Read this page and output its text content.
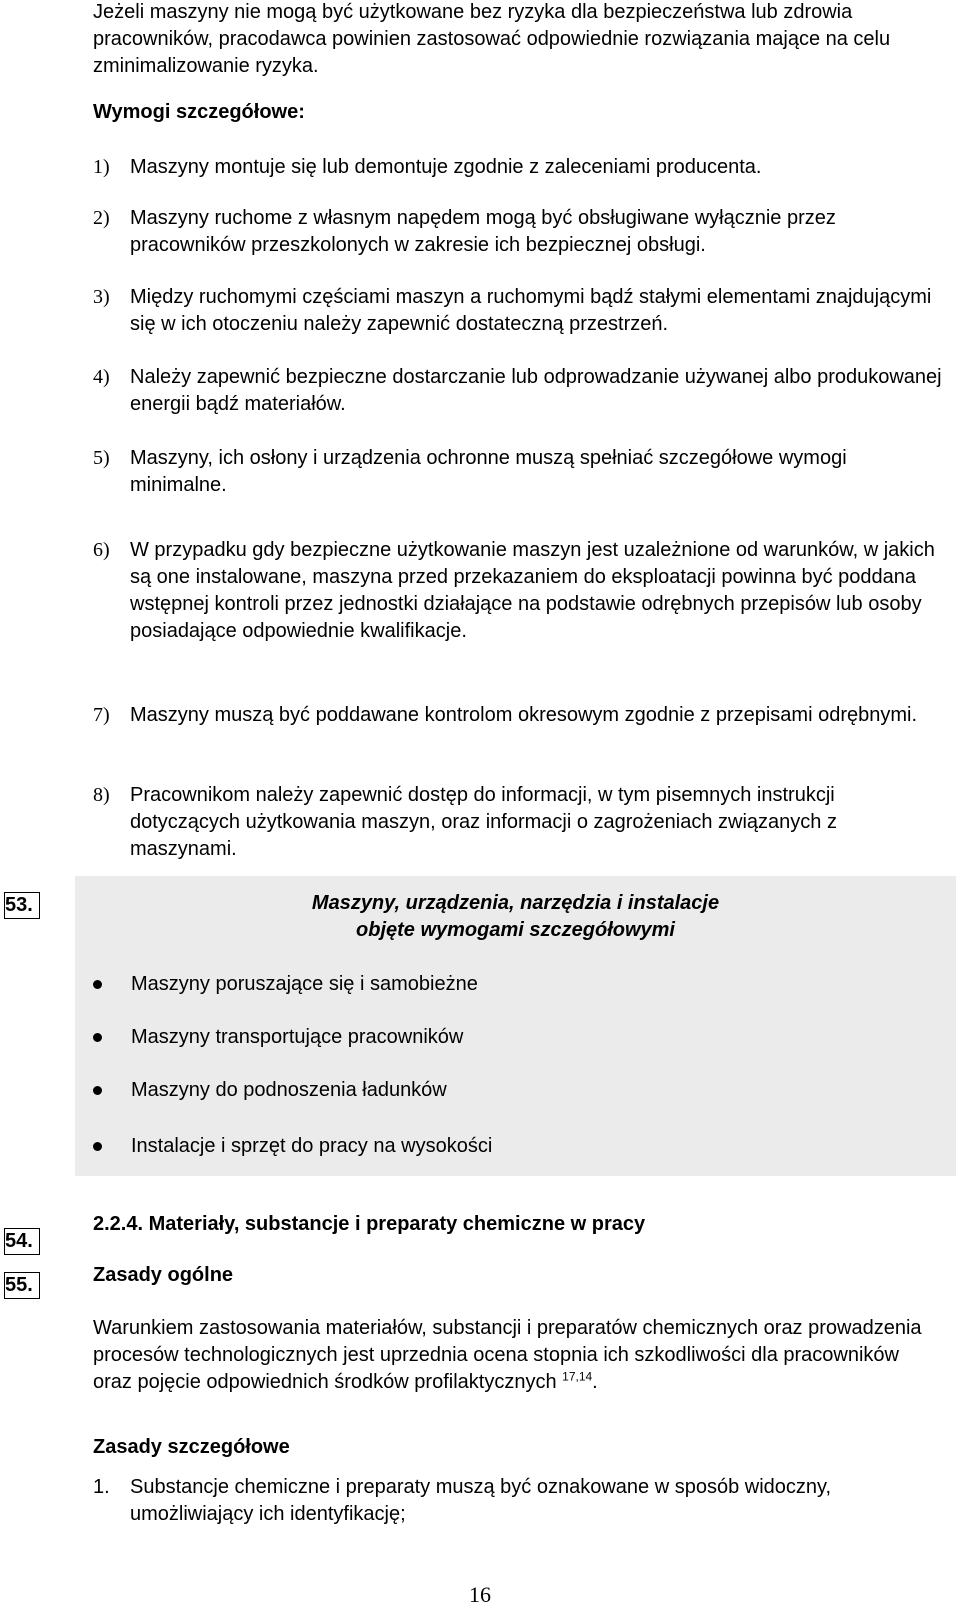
Jeżeli maszyny nie mogą być użytkowane bez ryzyka dla bezpieczeństwa lub zdrowia pracowników, pracodawca powinien zastosować odpowiednie rozwiązania mające na celu zminimalizowanie ryzyka.

Wymogi szczegółowe:
1)	Maszyny montuje się lub demontuje zgodnie z zaleceniami producenta.
2)	Maszyny ruchome z własnym napędem mogą być obsługiwane wyłącznie przez pracowników przeszkolonych w zakresie ich bezpiecznej obsługi.
3)	Między ruchomymi częściami maszyn a ruchomymi bądź stałymi elementami znajdującymi się w ich otoczeniu należy zapewnić dostateczną przestrzeń.
4)	Należy zapewnić bezpieczne dostarczanie lub odprowadzanie używanej albo produkowanej energii bądź materiałów.
5)	Maszyny, ich osłony i urządzenia ochronne muszą spełniać szczegółowe wymogi minimalne.
6)	W przypadku gdy bezpieczne użytkowanie maszyn jest uzależnione od warunków, w jakich są one instalowane, maszyna przed przekazaniem do eksploatacji powinna być poddana wstępnej kontroli przez jednostki działające na podstawie odrębnych przepisów lub osoby posiadające odpowiednie kwalifikacje.
7)	Maszyny muszą być poddawane kontrolom okresowym zgodnie z przepisami odrębnymi.
8)	Pracownikom należy zapewnić dostęp do informacji, w tym pisemnych instrukcji dotyczących użytkowania maszyn, oraz informacji o zagrożeniach związanych z maszynami.
Maszyny, urządzenia, narzędzia i instalacje
objęte wymogami szczegółowymi
53.
Maszyny poruszające się i samobieżne
Maszyny transportujące pracowników
Maszyny do podnoszenia ładunków
Instalacje i sprzęt do pracy na wysokości
54.
55.
2.2.4. Materiały, substancje i preparaty chemiczne w pracy
Zasady ogólne

Warunkiem zastosowania materiałów, substancji i preparatów chemicznych oraz prowadzenia procesów technologicznych jest uprzednia ocena stopnia ich szkodliwości dla pracowników oraz pojęcie odpowiednich środków profilaktycznych $^{17,14}$.

Zasady szczegółowe
1.	Substancje chemiczne i preparaty muszą być oznakowane w sposób widoczny, umożliwiający ich identyfikację;
16
